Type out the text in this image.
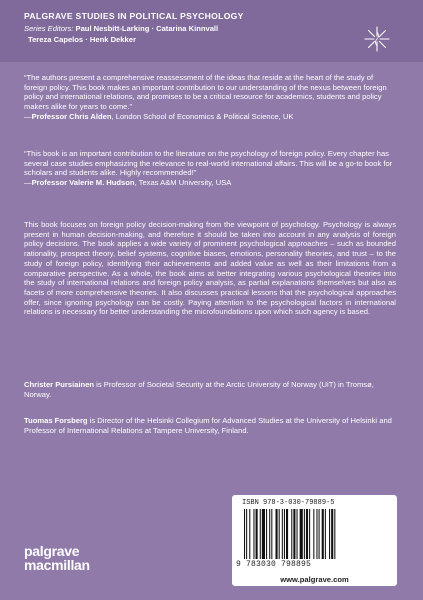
PALGRAVE STUDIES IN POLITICAL PSYCHOLOGY
Series Editors: Paul Nesbitt-Larking · Catarina Kinnvall
Tereza Capelos · Henk Dekker

“The authors present a comprehensive reassessment of the ideas that reside at the heart of the study of foreign policy. This book makes an important contribution to our understanding of the nexus between foreign policy and international relations, and promises to be a critical resource for academics, students and policy makers alike for years to come.”

—Professor Chris Alden, London School of Economics & Political Science, UK

“This book is an important contribution to the literature on the psychology of foreign policy. Every chapter has several case studies emphasizing the relevance to real-world international affairs. This will be a go-to book for scholars and students alike. Highly recommended!”

—Professor Valerie M. Hudson, Texas A&M University, USA

This book focuses on foreign policy decision-making from the viewpoint of psychology. Psychology is always present in human decision-making, and therefore it should be taken into account in any analysis of foreign policy decisions. The book applies a wide variety of prominent psychological approaches – such as bounded rationality, prospect theory, belief systems, cognitive biases, emotions, personality theories, and trust – to the study of foreign policy, identifying their achievements and added value as well as their limitations from a comparative perspective. As a whole, the book aims at better integrating various psychological theories into the study of international relations and foreign policy analysis, as partial explanations themselves but also as facets of more comprehensive theories. It also discusses practical lessons that the psychological approaches offer, since ignoring psychology can be costly. Paying attention to the psychological factors in international relations is necessary for better understanding the microfoundations upon which such agency is based.
Christer Pursiainen is Professor of Societal Security at the Arctic University of Norway (UiT) in Tromsø, Norway.
Tuomas Forsberg is Director of the Helsinki Collegium for Advanced Studies at the University of Helsinki and Professor of International Relations at Tampere University, Finland.
ISBN 978-3-030-79889-5
9 783030 798895
www.palgrave.com
palgrave
macmillan
